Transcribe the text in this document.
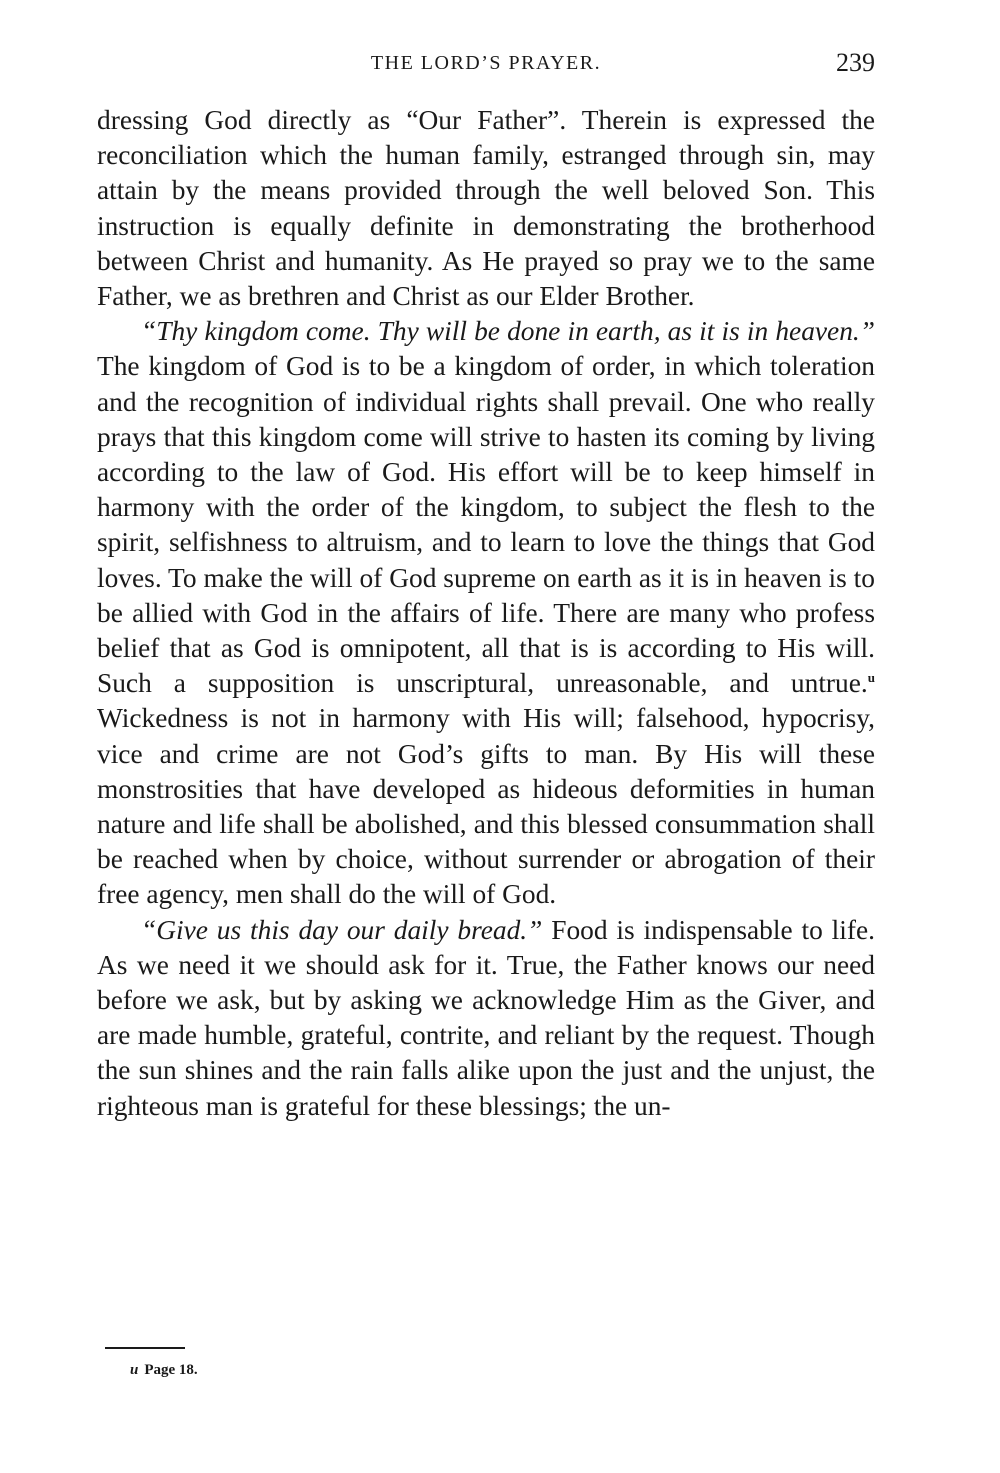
THE LORD’S PRAYER.	239

dressing God directly as “Our Father”. Therein is expressed the reconciliation which the human family, estranged through sin, may attain by the means provided through the well beloved Son. This instruction is equally definite in demonstrating the brotherhood between Christ and humanity. As He prayed so pray we to the same Father, we as brethren and Christ as our Elder Brother.

“Thy kingdom come. Thy will be done in earth, as it is in heaven.” The kingdom of God is to be a kingdom of order, in which toleration and the recognition of individual rights shall prevail. One who really prays that this kingdom come will strive to hasten its coming by living according to the law of God. His effort will be to keep himself in harmony with the order of the kingdom, to subject the flesh to the spirit, selfishness to altruism, and to learn to love the things that God loves. To make the will of God supreme on earth as it is in heaven is to be allied with God in the affairs of life. There are many who profess belief that as God is omnipotent, all that is is according to His will. Such a supposition is unscriptural, unreasonable, and untrue.$^u$ Wickedness is not in harmony with His will; falsehood, hypocrisy, vice and crime are not God’s gifts to man. By His will these monstrosities that have developed as hideous deformities in human nature and life shall be abolished, and this blessed consummation shall be reached when by choice, without surrender or abrogation of their free agency, men shall do the will of God.

“Give us this day our daily bread.” Food is indispensable to life. As we need it we should ask for it. True, the Father knows our need before we ask, but by asking we acknowledge Him as the Giver, and are made humble, grateful, contrite, and reliant by the request. Though the sun shines and the rain falls alike upon the just and the unjust, the righteous man is grateful for these blessings; the un-

u Page 18.
